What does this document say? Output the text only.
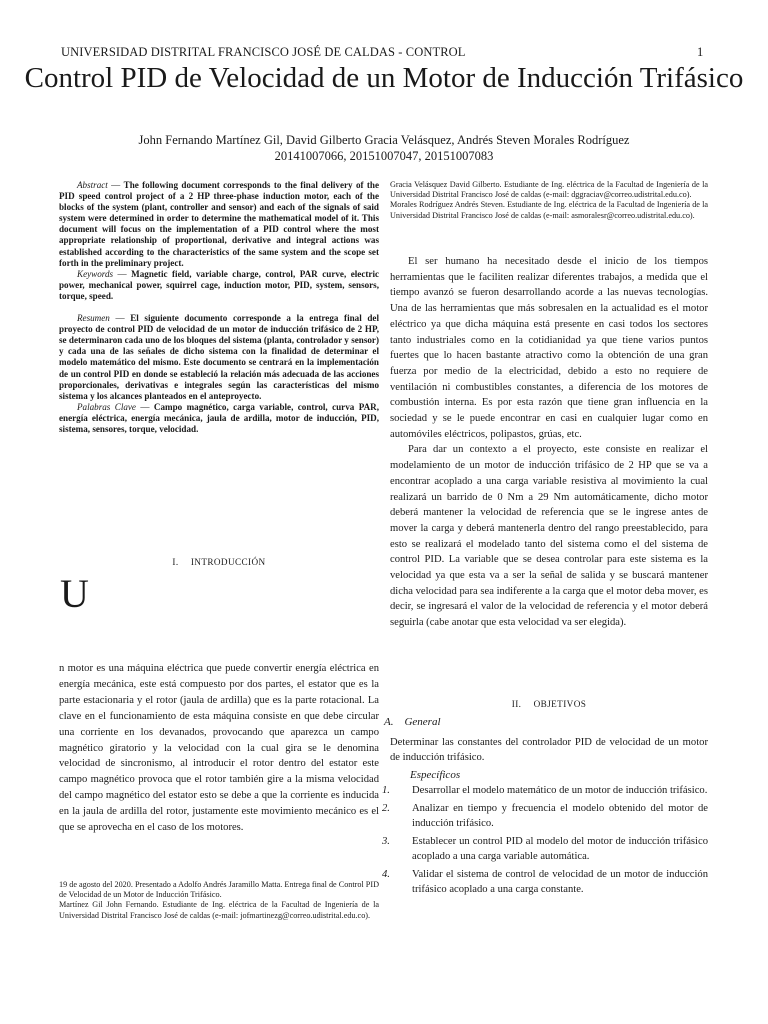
UNIVERSIDAD DISTRITAL FRANCISCO JOSÉ DE CALDAS - CONTROL	1
Control PID de Velocidad de un Motor de Inducción Trifásico
John Fernando Martínez Gil, David Gilberto Gracia Velásquez, Andrés Steven Morales Rodríguez
20141007066, 20151007047, 20151007083

Abstract — The following document corresponds to the final delivery of the PID speed control project of a 2 HP three-phase induction motor, each of the blocks of the system (plant, controller and sensor) and each of the signals of said system were determined in order to determine the mathematical model of it. This document will focus on the implementation of a PID control where the most appropriate relationship of proportional, derivative and integral actions was established according to the characteristics of the same system and the scope set forth in the preliminary project.

Keywords — Magnetic field, variable charge, control, PAR curve, electric power, mechanical power, squirrel cage, induction motor, PID, system, sensors, torque, speed.

Resumen — El siguiente documento corresponde a la entrega final del proyecto de control PID de velocidad de un motor de inducción trifásico de 2 HP, se determinaron cada uno de los bloques del sistema (planta, controlador y sensor) y cada una de las señales de dicho sistema con la finalidad de determinar el modelo matemático del mismo. Este documento se centrará en la implementación de un control PID en donde se estableció la relación más adecuada de las acciones proporcionales, derivativas e integrales según las características del mismo sistema y los alcances planteados en el anteproyecto.

Palabras Clave — Campo magnético, carga variable, control, curva PAR, energía eléctrica, energía mecánica, jaula de ardilla, motor de inducción, PID, sistema, sensores, torque, velocidad.

I.  INTRODUCCIÓN
U

n motor es una máquina eléctrica que puede convertir energía eléctrica en energía mecánica, este está compuesto por dos partes, el estator que es la parte estacionaria y el rotor (jaula de ardilla) que es la parte rotacional. La clave en el funcionamiento de esta máquina consiste en que debe circular una corriente en los devanados, provocando que aparezca un campo magnético giratorio y la velocidad con la cual gira se le denomina velocidad de sincronismo, al introducir el rotor dentro del estator este campo magnético provoca que el rotor también gire a la misma velocidad del campo magnético del estator esto se debe a que la corriente es inducida en la jaula de ardilla del rotor, justamente este movimiento mecánico es el que se aprovecha en el caso de los motores.

19 de agosto del 2020. Presentado a Adolfo Andrés Jaramillo Matta. Entrega final de Control PID de Velocidad de un Motor de Inducción Trifásico.

Martínez Gil John Fernando. Estudiante de Ing. eléctrica de la Facultad de Ingeniería de la Universidad Distrital Francisco José de caldas (e-mail: jofmartinezg@correo.udistrital.edu.co).

Gracia Velásquez David Gilberto. Estudiante de Ing. eléctrica de la Facultad de Ingeniería de la Universidad Distrital Francisco José de caldas (e-mail: dggraciav@correo.udistrital.edu.co).

Morales Rodríguez Andrés Steven. Estudiante de Ing. eléctrica de la Facultad de Ingeniería de la Universidad Distrital Francisco José de caldas (e-mail: asmoralesr@correo.udistrital.edu.co).

El ser humano ha necesitado desde el inicio de los tiempos herramientas que le faciliten realizar diferentes trabajos, a medida que el tiempo avanzó se fueron desarrollando acorde a las nuevas tecnologías. Una de las herramientas que más sobresalen en la actualidad es el motor eléctrico ya que dicha máquina está presente en casi todos los sectores tanto industriales como en la cotidianidad ya que tiene varios puntos fuertes que lo hacen bastante atractivo como la obtención de una gran fuerza por medio de la electricidad, debido a esto no requiere de ventilación ni combustibles constantes, a diferencia de los motores de combustión interna. Es por esta razón que tiene gran influencia en la sociedad y se le puede encontrar en casi en cualquier lugar como en automóviles eléctricos, polipastos, grúas, etc.

Para dar un contexto a el proyecto, este consiste en realizar el modelamiento de un motor de inducción trifásico de 2 HP que se va a encontrar acoplado a una carga variable resistiva al movimiento la cual realizará un barrido de 0 Nm a 29 Nm automáticamente, dicho motor deberá mantener la velocidad de referencia que se le ingrese antes de mover la carga y deberá mantenerla dentro del rango preestablecido, para esto se realizará el modelado tanto del sistema como el del sistema de control PID. La variable que se desea controlar para este sistema es la velocidad ya que esta va a ser la señal de salida y se buscará mantener dicha velocidad para sea indiferente a la carga que el motor deba mover, es decir, se ingresará el valor de la velocidad de referencia y el motor deberá seguirla (cabe anotar que esta velocidad va ser elegida).

II.  OBJETIVOS
A. General

Determinar las constantes del controlador PID de velocidad de un motor de inducción trifásico.

Específicos
1. Desarrollar el modelo matemático de un motor de inducción trifásico.
2. Analizar en tiempo y frecuencia el modelo obtenido del motor de inducción trifásico.
3. Establecer un control PID al modelo del motor de inducción trifásico acoplado a una carga variable automática.
4. Validar el sistema de control de velocidad de un motor de inducción trifásico acoplado a una carga constante.
